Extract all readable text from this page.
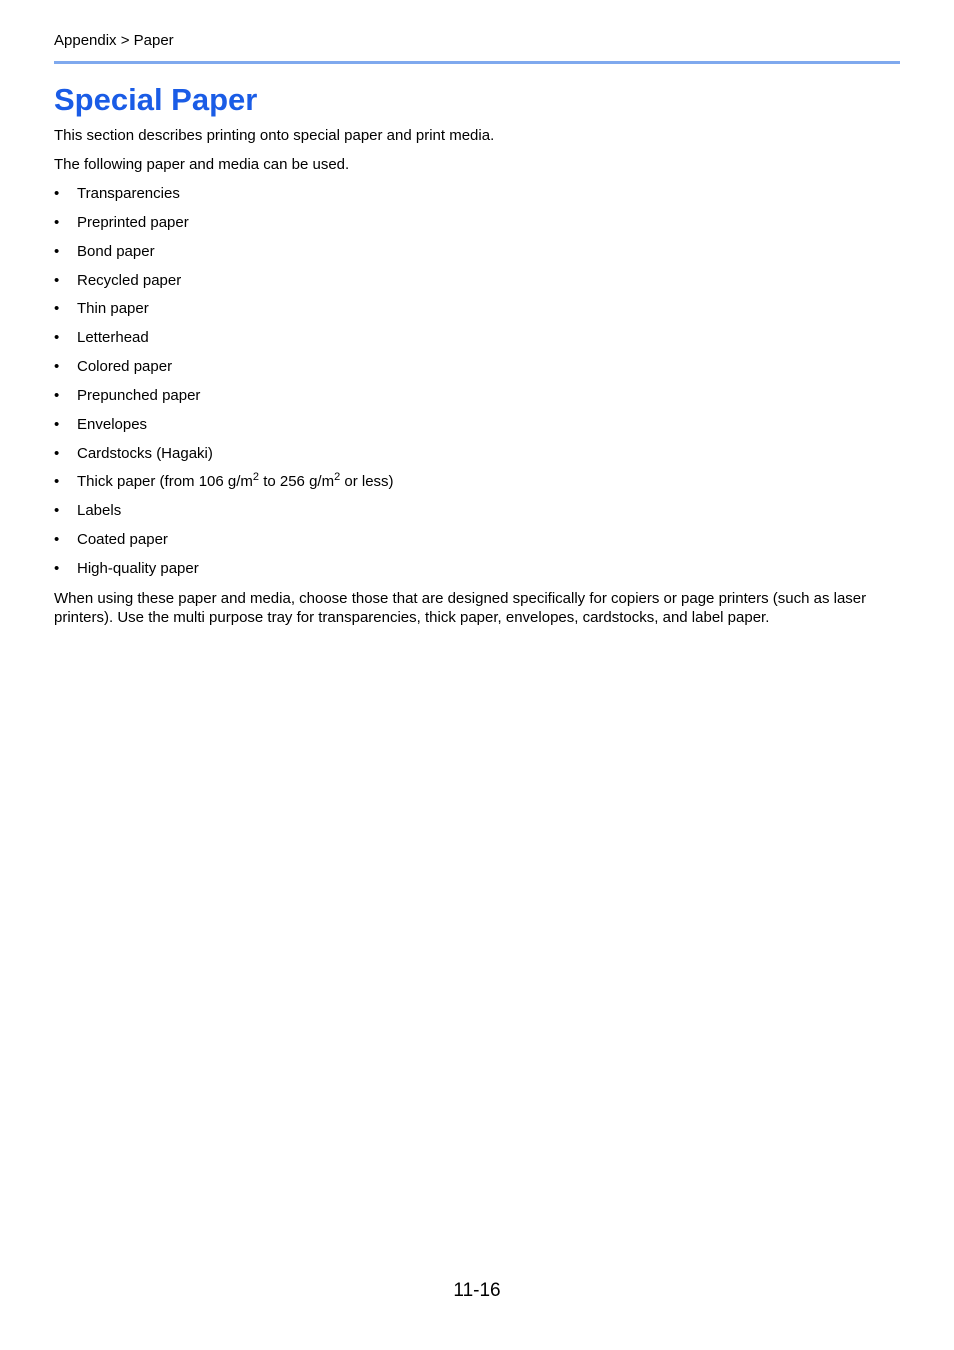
Appendix > Paper
Special Paper

This section describes printing onto special paper and print media.

The following paper and media can be used.

•	Transparencies
•	Preprinted paper
•	Bond paper
•	Recycled paper
•	Thin paper
•	Letterhead
•	Colored paper
•	Prepunched paper
•	Envelopes
•	Cardstocks (Hagaki)
•	Thick paper (from 106 $g/m^2$ to 256 $g/m^2$ or less)
•	Labels
•	Coated paper
•	High-quality paper

When using these paper and media, choose those that are designed specifically for copiers or page printers (such as laser printers). Use the multi purpose tray for transparencies, thick paper, envelopes, cardstocks, and label paper.

11-16
